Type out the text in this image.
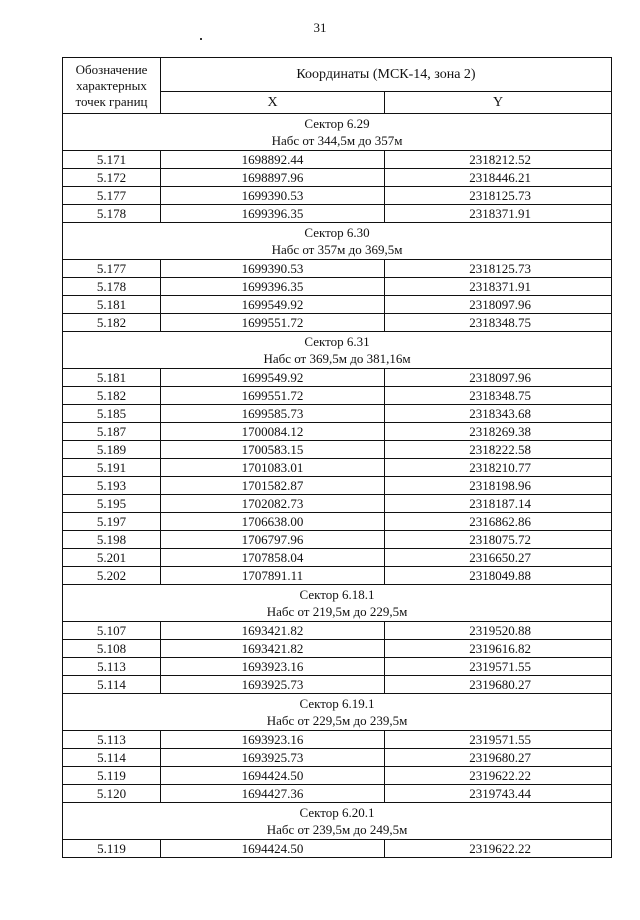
31
Обозначение характерных точек границ	Координаты (МСК-14, зона 2)	
	X	Y

Сектор 6.29
Набс от 344,5м до 357м		

5.171	1698892.44	2318212.52
5.172	1698897.96	2318446.21
5.177	1699390.53	2318125.73
5.178	1699396.35	2318371.91

Сектор 6.30
Набс от 357м до 369,5м		

5.177	1699390.53	2318125.73
5.178	1699396.35	2318371.91
5.181	1699549.92	2318097.96
5.182	1699551.72	2318348.75

Сектор 6.31
Набс от 369,5м до 381,16м		

5.181	1699549.92	2318097.96
5.182	1699551.72	2318348.75
5.185	1699585.73	2318343.68
5.187	1700084.12	2318269.38
5.189	1700583.15	2318222.58
5.191	1701083.01	2318210.77
5.193	1701582.87	2318198.96
5.195	1702082.73	2318187.14
5.197	1706638.00	2316862.86
5.198	1706797.96	2318075.72
5.201	1707858.04	2316650.27
5.202	1707891.11	2318049.88

Сектор 6.18.1
Набс от 219,5м до 229,5м		

5.107	1693421.82	2319520.88
5.108	1693421.82	2319616.82
5.113	1693923.16	2319571.55
5.114	1693925.73	2319680.27

Сектор 6.19.1
Набс от 229,5м до 239,5м		

5.113	1693923.16	2319571.55
5.114	1693925.73	2319680.27
5.119	1694424.50	2319622.22
5.120	1694427.36	2319743.44

Сектор 6.20.1
Набс от 239,5м до 249,5м		

5.119	1694424.50	2319622.22
